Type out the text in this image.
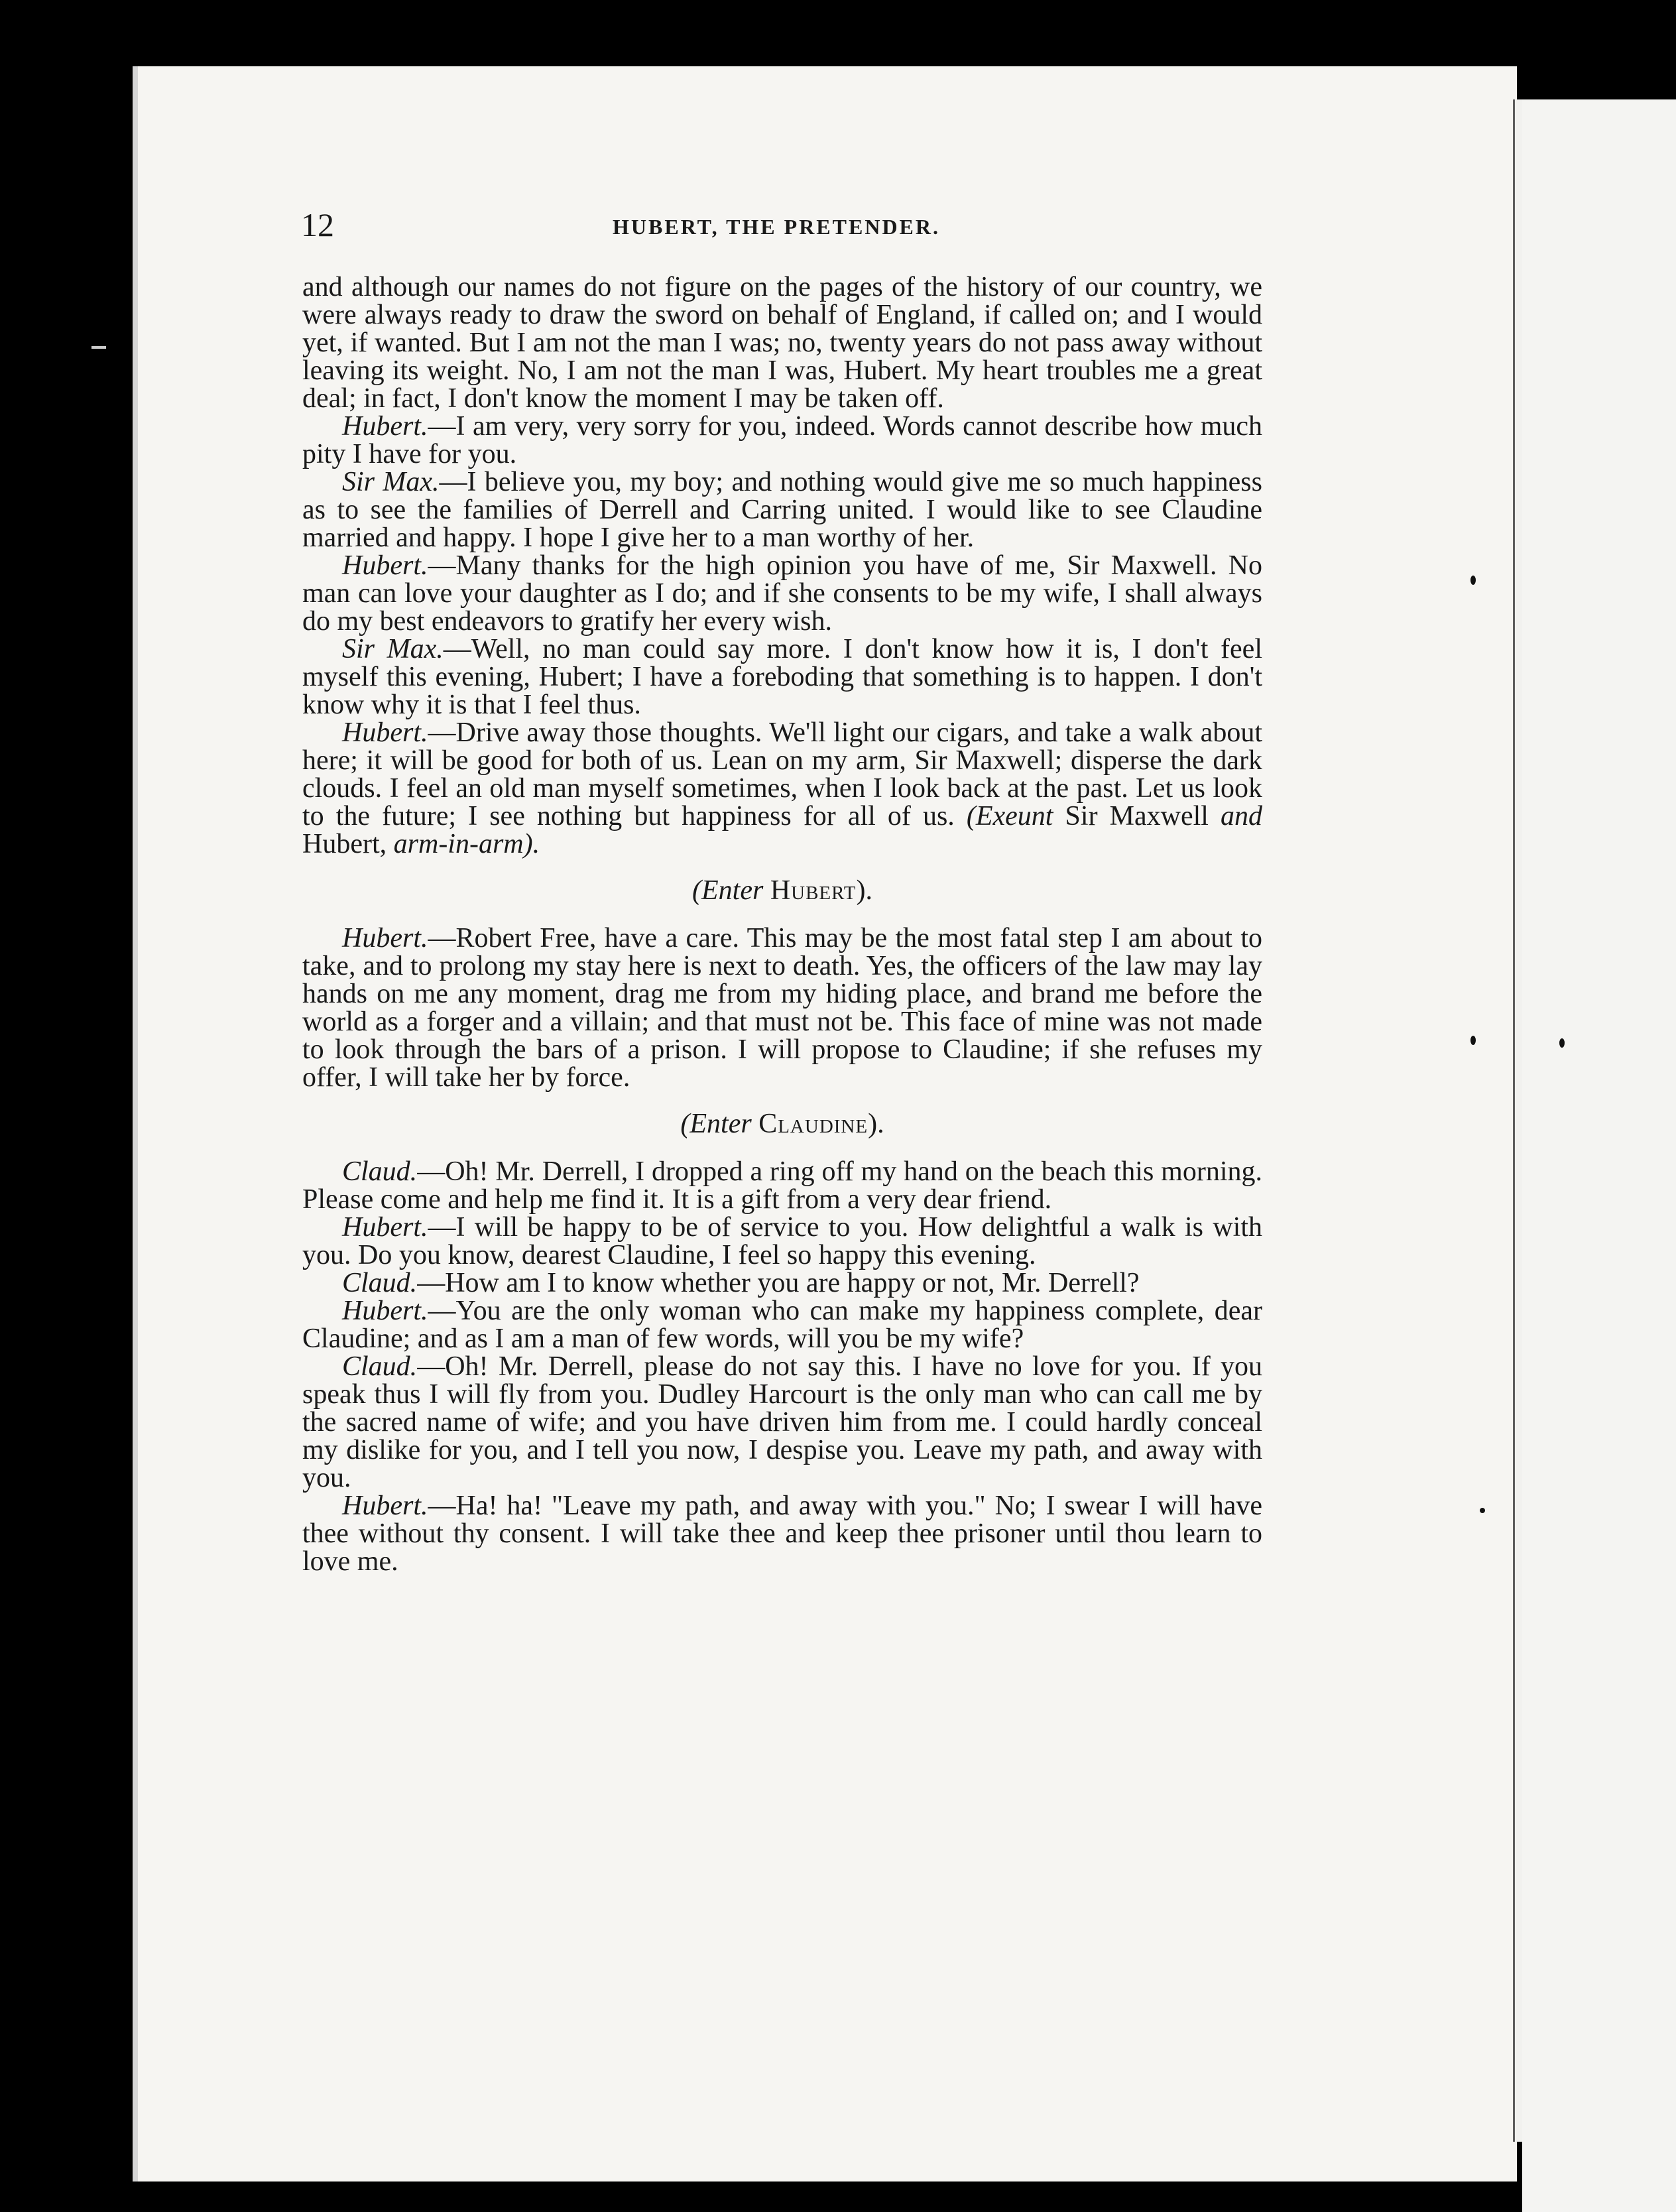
12	HUBERT, THE PRETENDER.

and although our names do not figure on the pages of the history of our country, we were always ready to draw the sword on behalf of England, if called on; and I would yet, if wanted. But I am not the man I was; no, twenty years do not pass away without leaving its weight. No, I am not the man I was, Hubert. My heart troubles me a great deal; in fact, I don't know the moment I may be taken off.

Hubert.—I am very, very sorry for you, indeed. Words cannot describe how much pity I have for you.

Sir Max.—I believe you, my boy; and nothing would give me so much happiness as to see the families of Derrell and Carring united. I would like to see Claudine married and happy. I hope I give her to a man worthy of her.

Hubert.—Many thanks for the high opinion you have of me, Sir Maxwell. No man can love your daughter as I do; and if she consents to be my wife, I shall always do my best endeavors to gratify her every wish.

Sir Max.—Well, no man could say more. I don't know how it is, I don't feel myself this evening, Hubert; I have a foreboding that something is to happen. I don't know why it is that I feel thus.

Hubert.—Drive away those thoughts. We'll light our cigars, and take a walk about here; it will be good for both of us. Lean on my arm, Sir Maxwell; disperse the dark clouds. I feel an old man myself sometimes, when I look back at the past. Let us look to the future; I see nothing but happiness for all of us. (Exeunt Sir Maxwell and Hubert, arm-in-arm).

(Enter Hubert).

Hubert.—Robert Free, have a care. This may be the most fatal step I am about to take, and to prolong my stay here is next to death. Yes, the officers of the law may lay hands on me any moment, drag me from my hiding place, and brand me before the world as a forger and a villain; and that must not be. This face of mine was not made to look through the bars of a prison. I will propose to Claudine; if she refuses my offer, I will take her by force.

(Enter Claudine).

Claud.—Oh! Mr. Derrell, I dropped a ring off my hand on the beach this morning. Please come and help me find it. It is a gift from a very dear friend.

Hubert.—I will be happy to be of service to you. How delightful a walk is with you. Do you know, dearest Claudine, I feel so happy this evening.

Claud.—How am I to know whether you are happy or not, Mr. Derrell?

Hubert.—You are the only woman who can make my happiness complete, dear Claudine; and as I am a man of few words, will you be my wife?

Claud.—Oh! Mr. Derrell, please do not say this. I have no love for you. If you speak thus I will fly from you. Dudley Harcourt is the only man who can call me by the sacred name of wife; and you have driven him from me. I could hardly conceal my dislike for you, and I tell you now, I despise you. Leave my path, and away with you.

Hubert.—Ha! ha! "Leave my path, and away with you." No; I swear I will have thee without thy consent. I will take thee and keep thee prisoner until thou learn to love me.
